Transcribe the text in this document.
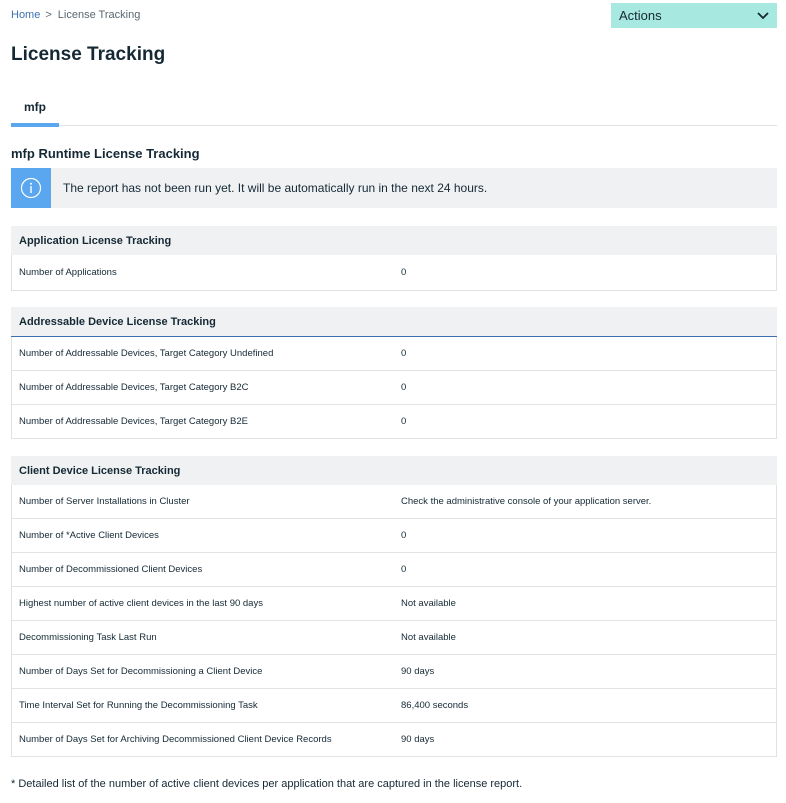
Home > License Tracking	Actions
License Tracking
mfp
mfp Runtime License Tracking
The report has not been run yet. It will be automatically run in the next 24 hours.
Application License Tracking
Number of Applications	0
Addressable Device License Tracking	
Number of Addressable Devices, Target Category Undefined	0
Number of Addressable Devices, Target Category B2C	0
Number of Addressable Devices, Target Category B2E	0
Client Device License Tracking	
Number of Server Installations in Cluster	Check the administrative console of your application server.
Number of *Active Client Devices	0
Number of Decommissioned Client Devices	0
Highest number of active client devices in the last 90 days	Not available
Decommissioning Task Last Run	Not available
Number of Days Set for Decommissioning a Client Device	90 days
Time Interval Set for Running the Decommissioning Task	86,400 seconds
Number of Days Set for Archiving Decommissioned Client Device Records	90 days

* Detailed list of the number of active client devices per application that are captured in the license report.
